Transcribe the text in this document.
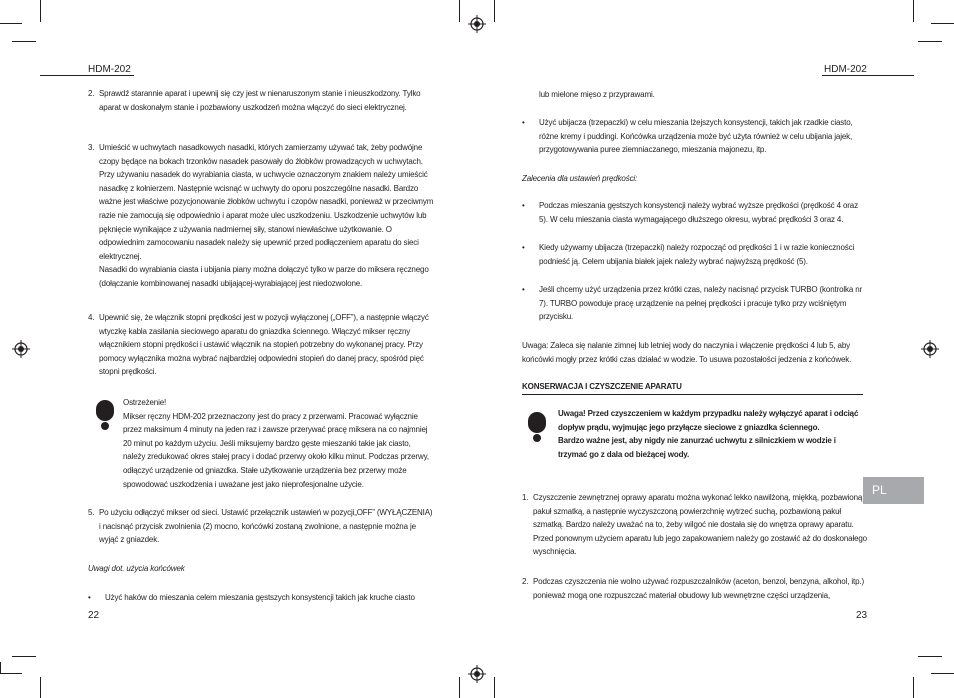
HDM-202	HDM-202
2. Sprawdź starannie aparat i upewnij się czy jest w nienaruszonym stanie i nieuszkodzony. Tylko aparat w doskonałym stanie i pozbawiony uszkodzeń można włączyć do sieci elektrycznej.
3. Umieścić w uchwytach nasadkowych nasadki, których zamierzamy używać tak, żeby podwójne czopy będące na bokach trzonków nasadek pasowały do żłobków prowadzących w uchwytach. Przy używaniu nasadek do wyrabiania ciasta, w uchwycie oznaczonym znakiem należy umieścić nasadkę z kołnierzem. Następnie wcisnąć w uchwyty do oporu poszczególne nasadki. Bardzo ważne jest właściwe pozycjonowanie żłobków uchwytu i czopów nasadki, ponieważ w przeciwnym razie nie zamocują się odpowiednio i aparat może ulec uszkodzeniu. Uszkodzenie uchwytów lub pęknięcie wynikające z używania nadmiernej siły, stanowi niewłaściwe użytkowanie. O odpowiednim zamocowaniu nasadek należy się upewnić przed podłączeniem aparatu do sieci elektrycznej.
Nasadki do wyrabiania ciasta i ubijania piany można dołączyć tylko w parze do miksera ręcznego (dołączanie kombinowanej nasadki ubijającej-wyrabiającej jest niedozwolone.
4. Upewnić się, że włącznik stopni prędkości jest w pozycji wyłączonej („OFF”), a następnie włączyć wtyczkę kabla zasilania sieciowego aparatu do gniazdka ściennego. Włączyć mikser ręczny włącznikiem stopni prędkości i ustawić włącznik na stopień potrzebny do wykonanej pracy. Przy pomocy wyłącznika można wybrać najbardziej odpowiedni stopień do danej pracy, spośród pięć stopni prędkości.
Ostrzeżenie!
Mikser ręczny HDM-202 przeznaczony jest do pracy z przerwami. Pracować wyłącznie przez maksimum 4 minuty na jeden raz i zawsze przerywać pracę miksera na co najmniej 20 minut po każdym użyciu. Jeśli miksujemy bardzo gęste mieszanki takie jak ciasto, należy zredukować okres stałej pracy i dodać przerwy około kilku minut. Podczas przerwy, odłączyć urządzenie od gniazdka. Stałe użytkowanie urządzenia bez przerwy może spowodować uszkodzenia i uważane jest jako nieprofesjonalne użycie.
5. Po użyciu odłączyć mikser od sieci. Ustawić przełącznik ustawień w pozycji„OFF” (WYŁĄCZENIA) i nacisnąć przycisk zwolnienia (2) mocno, końcówki zostaną zwolnione, a następnie można je wyjąć z gniazdek.
Uwagi dot. użycia końcówek
• Użyć haków do mieszania celem mieszania gęstszych konsystencji takich jak kruche ciasto
22
lub mielone mięso z przyprawami.
• Użyć ubijacza (trzepaczki) w celu mieszania lżejszych konsystencji, takich jak rzadkie ciasto, różne kremy i puddingi. Końcówka urządzenia może być użyta również w celu ubijania jajek, przygotowywania puree ziemniaczanego, mieszania majonezu, itp.
Zalecenia dla ustawień prędkości:
• Podczas mieszania gęstszych konsystencji należy wybrać wyższe prędkości (prędkość 4 oraz 5). W celu mieszania ciasta wymagającego dłuższego okresu, wybrać prędkości 3 oraz 4.
• Kiedy używamy ubijacza (trzepaczki) należy rozpocząć od prędkości 1 i w razie konieczności podnieść ją. Celem ubijania białek jajek należy wybrać najwyższą prędkość (5).
• Jeśli chcemy użyć urządzenia przez krótki czas, należy nacisnąć przycisk TURBO (kontrolka nr 7). TURBO powoduje pracę urządzenie na pełnej prędkości i pracuje tylko przy wciśniętym przycisku.
Uwaga: Zaleca się nalanie zimnej lub letniej wody do naczynia i włączenie prędkości 4 lub 5, aby końcówki mogły przez krótki czas działać w wodzie. To usuwa pozostałości jedzenia z końcówek.
KONSERWACJA I CZYSZCZENIE APARATU
Uwaga! Przed czyszczeniem w każdym przypadku należy wyłączyć aparat i odciąć dopływ prądu, wyjmując jego przyłącze sieciowe z gniazdka ściennego.
Bardzo ważne jest, aby nigdy nie zanurzać uchwytu z silniczkiem w wodzie i trzymać go z dala od bieżącej wody.
1. Czyszczenie zewnętrznej oprawy aparatu można wykonać lekko nawilżoną, miękką, pozbawioną pakuł szmatką, a następnie wyczyszczoną powierzchnię wytrzeć suchą, pozbawioną pakuł szmatką. Bardzo należy uważać na to, żeby wilgoć nie dostała się do wnętrza oprawy aparatu. Przed ponownym użyciem aparatu lub jego zapakowaniem należy go zostawić aż do doskonałego wyschnięcia.
2. Podczas czyszczenia nie wolno używać rozpuszczalników (aceton, benzol, benzyna, alkohol, itp.) ponieważ mogą one rozpuszczać materiał obudowy lub wewnętrzne części urządzenia,
23
PL
